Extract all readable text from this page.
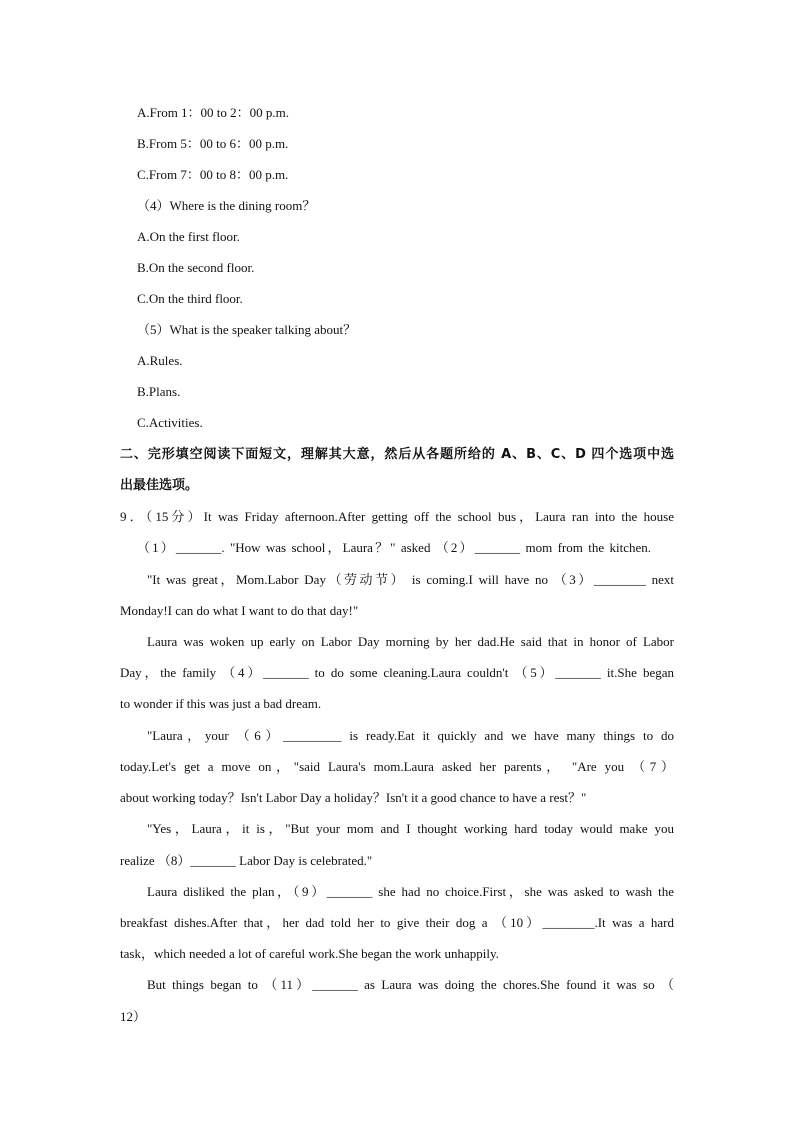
A.From 1：00 to 2：00 p.m.
B.From 5：00 to 6：00 p.m.
C.From 7：00 to 8：00 p.m.
（4）Where is the dining room？
A.On the first floor.
B.On the second floor.
C.On the third floor.
（5）What is the speaker talking about？
A.Rules.
B.Plans.
C.Activities.
二、完形填空阅读下面短文，理解其大意，然后从各题所给的 A、B、C、D 四个选项中选
出最佳选项。
9．（15分）It was Friday afternoon.After getting off the school bus，Laura ran into the house
（1）_______. "How was school，Laura？" asked （2）_______ mom from the kitchen.
"It was great，Mom.Labor Day（劳动节） is coming.I will have no （3）________ next
Monday!I can do what I want to do that day!"
Laura was woken up early on Labor Day morning by her dad.He said that in honor of Labor
Day，the family （4）_______ to do some cleaning.Laura couldn't （5）_______ it.She began
to wonder if this was just a bad dream.
"Laura，your （6）_________ is ready.Eat it quickly and we have many things to do
today.Let's get a move on，"said Laura's mom.Laura asked her parents， "Are you （7）
about working today？Isn't Labor Day a holiday？Isn't it a good chance to have a rest？"
"Yes，Laura，it is，"But your mom and I thought working hard today would make you
realize （8）_______ Labor Day is celebrated."
Laura disliked the plan，（9）_______ she had no choice.First，she was asked to wash the
breakfast dishes.After that，her dad told her to give their dog a （10）________.It was a hard
task，which needed a lot of careful work.She began the work unhappily.
But things began to （11）_______ as Laura was doing the chores.She found it was so （
12）
